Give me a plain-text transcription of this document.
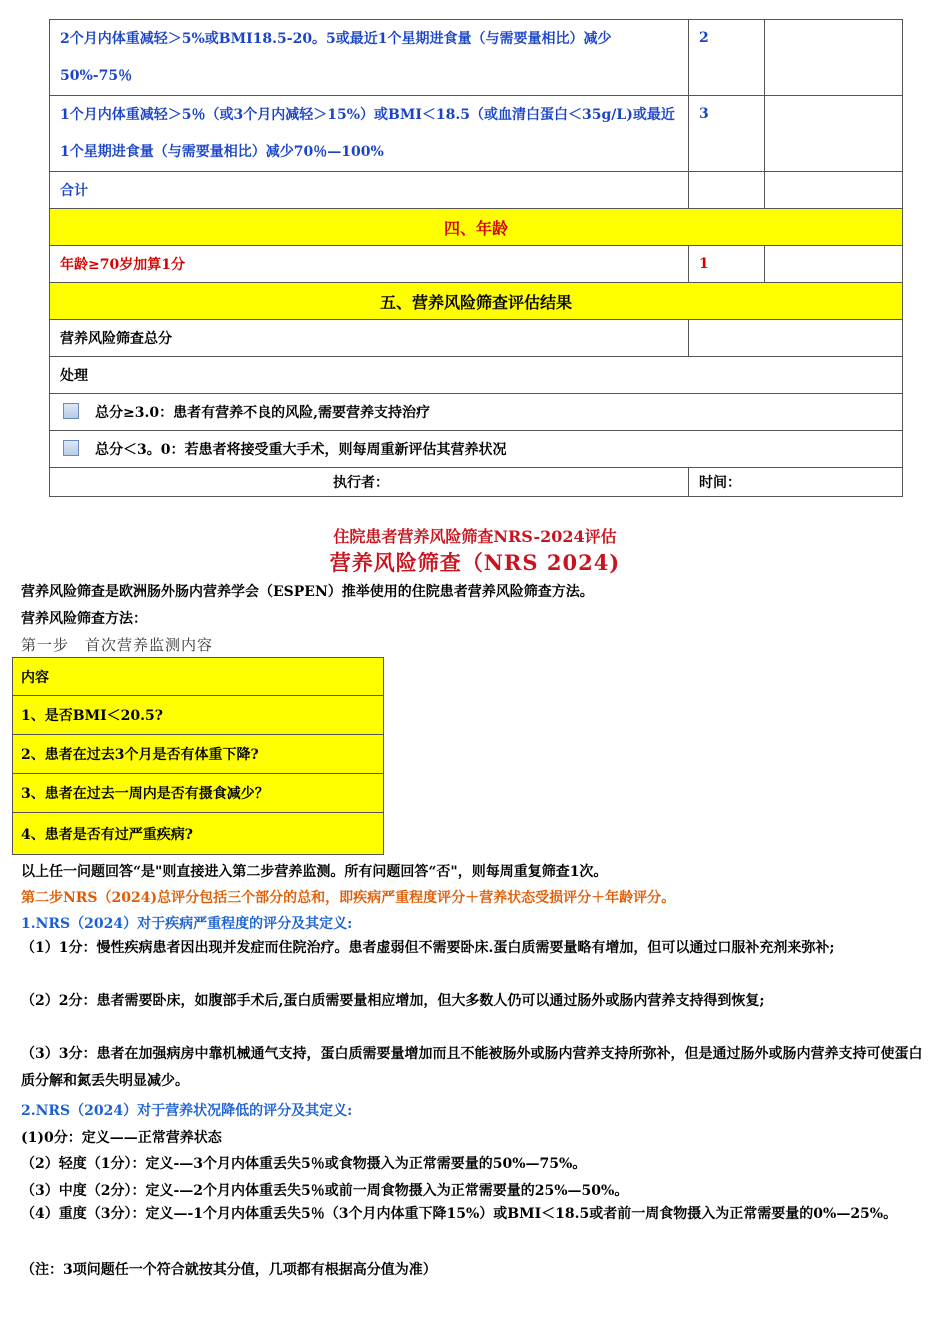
2个月内体重减轻＞5%或BMI18.5-20。5或最近1个星期进食量（与需要量相比）减少50%-75％	2	
1个月内体重减轻＞5％（或3个月内减轻＞15%）或BMI＜18.5（或血清白蛋白＜35g/L)或最近1个星期进食量（与需要量相比）减少70％—100%	3	
合计		
四、年龄		
年龄≥70岁加算1分	1	
五、营养风险筛查评估结果		
营养风险筛查总分		
处理		
总分≥3.0：患者有营养不良的风险,需要营养支持治疗		
总分＜3。0：若患者将接受重大手术，则每周重新评估其营养状况		
执行者：	时间：	
住院患者营养风险筛查NRS-2024评估
营养风险筛查（NRS 2024)
营养风险筛查是欧洲肠外肠内营养学会（ESPEN）推举使用的住院患者营养风险筛查方法。
营养风险筛查方法：
第一步　首次营养监测内容
内容
1、是否BMI＜20.5?
2、患者在过去3个月是否有体重下降?
3、患者在过去一周内是否有摄食减少？
4、患者是否有过严重疾病?
以上任一问题回答“是"则直接进入第二步营养监测。所有问题回答“否"，则每周重复筛查1次。
第二步NRS（2024)总评分包括三个部分的总和，即疾病严重程度评分＋营养状态受损评分＋年龄评分。
1.NRS（2024）对于疾病严重程度的评分及其定义:
（1）1分：慢性疾病患者因出现并发症而住院治疗。患者虚弱但不需要卧床.蛋白质需要量略有增加，但可以通过口服补充剂来弥补;
（2）2分：患者需要卧床，如腹部手术后,蛋白质需要量相应增加，但大多数人仍可以通过肠外或肠内营养支持得到恢复;
（3）3分：患者在加强病房中靠机械通气支持，蛋白质需要量增加而且不能被肠外或肠内营养支持所弥补，但是通过肠外或肠内营养支持可使蛋白质分解和氮丢失明显减少。
2.NRS（2024）对于营养状况降低的评分及其定义:
(1)0分：定义——正常营养状态
（2）轻度（1分）：定义-—3个月内体重丢失5％或食物摄入为正常需要量的50%—75%。
（3）中度（2分）：定义-—2个月内体重丢失5％或前一周食物摄入为正常需要量的25%—50%。
（4）重度（3分）：定义—-1个月内体重丢失5％（3个月内体重下降15%）或BMI＜18.5或者前一周食物摄入为正常需要量的0%—25%。
（注：3项问题任一个符合就按其分值，几项都有根据高分值为准）
